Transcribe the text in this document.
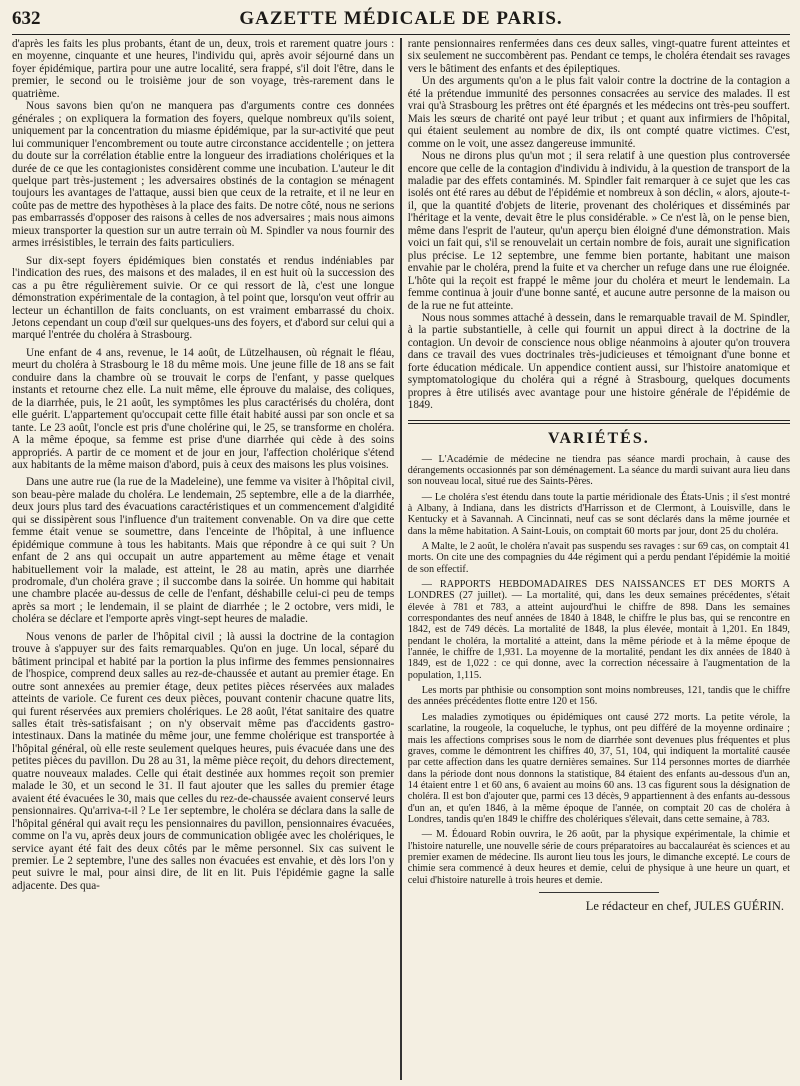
632	GAZETTE MÉDICALE DE PARIS.

d'après les faits les plus probants, étant de un, deux, trois et rarement quatre jours : en moyenne, cinquante et une heures, l'individu qui, après avoir séjourné dans un foyer épidémique, partira pour une autre localité, sera frappé, s'il doit l'être, dans le premier, le second ou le troisième jour de son voyage, très-rarement dans le quatrième.

Nous savons bien qu'on ne manquera pas d'arguments contre ces données générales ; on expliquera la formation des foyers, quelque nombreux qu'ils soient, uniquement par la concentration du miasme épidémique, par la sur-activité que peut lui communiquer l'encombrement ou toute autre circonstance accidentelle ; on jettera du doute sur la corrélation établie entre la longueur des irradiations cholériques et la durée de ce que les contagionistes considèrent comme une incubation. L'auteur le dit quelque part très-justement ; les adversaires obstinés de la contagion se ménagent toujours les avantages de l'attaque, aussi bien que ceux de la retraite, et il ne leur en coûte pas de mettre des hypothèses à la place des faits. De notre côté, nous ne serions pas embarrassés d'opposer des raisons à celles de nos adversaires ; mais nous aimons mieux transporter la question sur un autre terrain où M. Spindler va nous fournir des armes irrésistibles, le terrain des faits particuliers.

Sur dix-sept foyers épidémiques bien constatés et rendus indéniables par l'indication des rues, des maisons et des malades, il en est huit où la succession des cas a pu être régulièrement suivie. Or ce qui ressort de là, c'est une longue démonstration expérimentale de la contagion, à tel point que, lorsqu'on veut offrir au lecteur un échantillon de faits concluants, on est vraiment embarrassé du choix. Jetons cependant un coup d'œil sur quelques-uns des foyers, et d'abord sur celui qui a marqué l'entrée du choléra à Strasbourg.

Une enfant de 4 ans, revenue, le 14 août, de Lützelhausen, où régnait le fléau, meurt du choléra à Strasbourg le 18 du même mois. Une jeune fille de 18 ans se fait conduire dans la chambre où se trouvait le corps de l'enfant, y passe quelques instants et retourne chez elle. La nuit même, elle éprouve du malaise, des coliques, de la diarrhée, puis, le 21 août, les symptômes les plus caractérisés du choléra, dont elle guérit. L'appartement qu'occupait cette fille était habité aussi par son oncle et sa tante. Le 23 août, l'oncle est pris d'une cholérine qui, le 25, se transforme en choléra. A la même époque, sa femme est prise d'une diarrhée qui cède à des soins appropriés. A partir de ce moment et de jour en jour, l'affection cholérique s'étend aux habitants de la même maison d'abord, puis à ceux des maisons les plus voisines.

Dans une autre rue (la rue de la Madeleine), une femme va visiter à l'hôpital civil, son beau-père malade du choléra. Le lendemain, 25 septembre, elle a de la diarrhée, deux jours plus tard des évacuations caractéristiques et un commencement d'algidité qui se dissipèrent sous l'influence d'un traitement convenable. On va dire que cette femme était venue se soumettre, dans l'enceinte de l'hôpital, à une influence épidémique commune à tous les habitants. Mais que répondre à ce qui suit ? Un enfant de 2 ans qui occupait un autre appartement au même étage et venait habituellement voir la malade, est atteint, le 28 au matin, après une diarrhée prodromale, d'un choléra grave ; il succombe dans la soirée. Un homme qui habitait une chambre placée au-dessus de celle de l'enfant, déshabille celui-ci peu de temps après sa mort ; le lendemain, il se plaint de diarrhée ; le 2 octobre, vers midi, le choléra se déclare et l'emporte après vingt-sept heures de maladie.

Nous venons de parler de l'hôpital civil ; là aussi la doctrine de la contagion trouve à s'appuyer sur des faits remarquables. Qu'on en juge. Un local, séparé du bâtiment principal et habité par la portion la plus infirme des femmes pensionnaires de l'hospice, comprend deux salles au rez-de-chaussée et autant au premier étage. En outre sont annexées au premier étage, deux petites pièces réservées aux malades atteints de variole. Ce furent ces deux pièces, pouvant contenir chacune quatre lits, qui furent réservées aux premiers cholériques. Le 28 août, l'état sanitaire des quatre salles était très-satisfaisant ; on n'y observait même pas d'accidents gastro-intestinaux. Dans la matinée du même jour, une femme cholérique est transportée à l'hôpital général, où elle reste seulement quelques heures, puis évacuée dans une des petites pièces du pavillon. Du 28 au 31, la même pièce reçoit, du dehors directement, quatre nouveaux malades. Celle qui était destinée aux hommes reçoit son premier malade le 30, et un second le 31. Il faut ajouter que les salles du premier étage avaient été évacuées le 30, mais que celles du rez-de-chaussée avaient conservé leurs pensionnaires. Qu'arriva-t-il ? Le 1er septembre, le choléra se déclara dans la salle de l'hôpital général qui avait reçu les pensionnaires du pavillon, pensionnaires évacuées, comme on l'a vu, après deux jours de communication obligée avec les cholériques, le service ayant été fait des deux côtés par le même personnel. Six cas suivent le premier. Le 2 septembre, l'une des salles non évacuées est envahie, et dès lors l'on y peut suivre le mal, pour ainsi dire, de lit en lit. Puis l'épidémie gagne la salle adjacente. Des qua-

rante pensionnaires renfermées dans ces deux salles, vingt-quatre furent atteintes et six seulement ne succombèrent pas. Pendant ce temps, le choléra étendait ses ravages vers le bâtiment des enfants et des épileptiques.

Un des arguments qu'on a le plus fait valoir contre la doctrine de la contagion a été la prétendue immunité des personnes consacrées au service des malades. Il est vrai qu'à Strasbourg les prêtres ont été épargnés et les médecins ont très-peu souffert. Mais les sœurs de charité ont payé leur tribut ; et quant aux infirmiers de l'hôpital, qui étaient seulement au nombre de dix, ils ont compté quatre victimes. C'est, comme on le voit, une assez dangereuse immunité.

Nous ne dirons plus qu'un mot ; il sera relatif à une question plus controversée encore que celle de la contagion d'individu à individu, à la question de transport de la maladie par des effets contaminés. M. Spindler fait remarquer à ce sujet que les cas isolés ont été rares au début de l'épidémie et nombreux à son déclin, « alors, ajoute-t-il, que la quantité d'objets de literie, provenant des cholériques et disséminés par l'héritage et la vente, devait être le plus considérable. » Ce n'est là, on le pense bien, même dans l'esprit de l'auteur, qu'un aperçu bien éloigné d'une démonstration. Mais voici un fait qui, s'il se renouvelait un certain nombre de fois, aurait une signification plus précise. Le 12 septembre, une femme bien portante, habitant une maison envahie par le choléra, prend la fuite et va chercher un refuge dans une rue éloignée. L'hôte qui la reçoit est frappé le même jour du choléra et meurt le lendemain. La femme continua à jouir d'une bonne santé, et aucune autre personne de la maison ou de la rue ne fut atteinte.

Nous nous sommes attaché à dessein, dans le remarquable travail de M. Spindler, à la partie substantielle, à celle qui fournit un appui direct à la doctrine de la contagion. Un devoir de conscience nous oblige néanmoins à ajouter qu'on trouvera dans ce travail des vues doctrinales très-judicieuses et témoignant d'une bonne et forte éducation médicale. Un appendice contient aussi, sur l'histoire anatomique et symptomatologique du choléra qui a régné à Strasbourg, quelques documents propres à être utilisés avec avantage pour une histoire générale de l'épidémie de 1849.

VARIÉTÉS.

— L'Académie de médecine ne tiendra pas séance mardi prochain, à cause des dérangements occasionnés par son déménagement. La séance du mardi suivant aura lieu dans son nouveau local, situé rue des Saints-Pères.

— Le choléra s'est étendu dans toute la partie méridionale des États-Unis ; il s'est montré à Albany, à Indiana, dans les districts d'Harrisson et de Clermont, à Louisville, dans le Kentucky et à Savannah. A Cincinnati, neuf cas se sont déclarés dans la même journée et dans la même habitation. A Saint-Louis, on comptait 60 morts par jour, dont 25 du choléra.

A Malte, le 2 août, le choléra n'avait pas suspendu ses ravages : sur 69 cas, on comptait 41 morts. On cite une des compagnies du 44e régiment qui a perdu pendant l'épidémie la moitié de son effectif.

— RAPPORTS HEBDOMADAIRES DES NAISSANCES ET DES MORTS A LONDRES (27 juillet). — La mortalité, qui, dans les deux semaines précédentes, s'était élevée à 781 et 783, a atteint aujourd'hui le chiffre de 898. Dans les semaines correspondantes des neuf années de 1840 à 1848, le chiffre le plus bas, qui se rencontre en 1842, est de 749 décès. La mortalité de 1848, la plus élevée, montait à 1,201. En 1849, pendant le choléra, la mortalité a atteint, dans la même période et à la même époque de l'année, le chiffre de 1,931. La moyenne de la mortalité, pendant les dix années de 1840 à 1849, est de 1,022 : ce qui donne, avec la correction nécessaire à l'augmentation de la population, 1,115.

Les morts par phthisie ou consomption sont moins nombreuses, 121, tandis que le chiffre des années précédentes flotte entre 120 et 156.

Les maladies zymotiques ou épidémiques ont causé 272 morts. La petite vérole, la scarlatine, la rougeole, la coqueluche, le typhus, ont peu différé de la moyenne ordinaire ; mais les affections comprises sous le nom de diarrhée sont devenues plus fréquentes et plus graves, comme le démontrent les chiffres 40, 37, 51, 104, qui indiquent la mortalité causée par cette affection dans les quatre dernières semaines. Sur 114 personnes mortes de diarrhée dans la période dont nous donnons la statistique, 84 étaient des enfants au-dessous d'un an, 14 étaient entre 1 et 60 ans, 6 avaient au moins 60 ans. 13 cas figurent sous la désignation de choléra. Il est bon d'ajouter que, parmi ces 13 décès, 9 appartiennent à des enfants au-dessous d'un an, et qu'en 1846, à la même époque de l'année, on comptait 20 cas de choléra à Londres, tandis qu'en 1849 le chiffre des cholériques s'élevait, dans cette semaine, à 783.

— M. Édouard Robin ouvrira, le 26 août, par la physique expérimentale, la chimie et l'histoire naturelle, une nouvelle série de cours préparatoires au baccalauréat ès sciences et au premier examen de médecine. Ils auront lieu tous les jours, le dimanche excepté. Le cours de chimie sera commencé à deux heures et demie, celui de physique à une heure un quart, et celui d'histoire naturelle à trois heures et demie.

Le rédacteur en chef, JULES GUÉRIN.
